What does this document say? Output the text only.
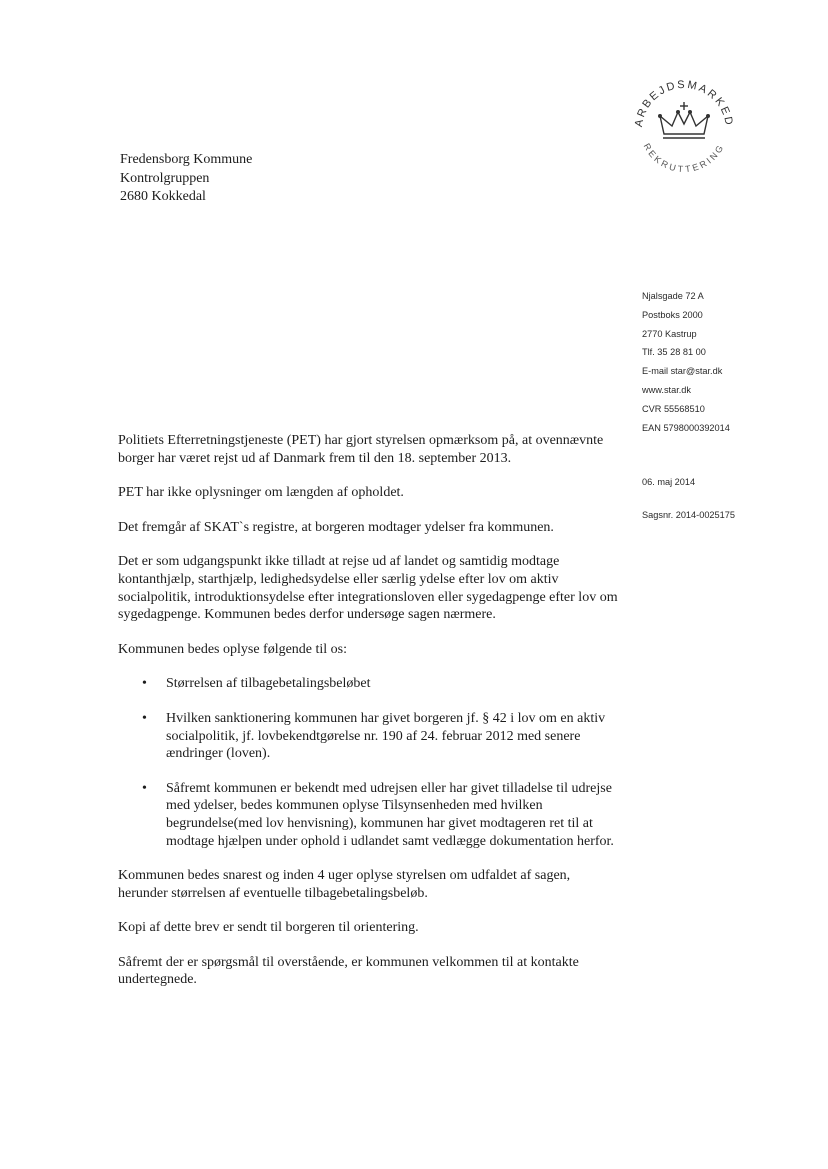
ARBEJDSMARKED
REKRUTTERING
Fredensborg Kommune
Kontrolgruppen
2680 Kokkedal
Njalsgade 72 A
Postboks 2000
2770 Kastrup
Tlf. 35 28 81 00
E-mail star@star.dk
www.star.dk
CVR 55568510
EAN 5798000392014
06. maj 2014
Sagsnr. 2014-0025175

Politiets Efterretningstjeneste (PET) har gjort styrelsen opmærksom på, at ovennævnte borger har været rejst ud af Danmark frem til den 18. september 2013.

PET har ikke oplysninger om længden af opholdet.

Det fremgår af SKAT`s registre, at borgeren modtager ydelser fra kommunen.

Det er som udgangspunkt ikke tilladt at rejse ud af landet og samtidig modtage kontanthjælp, starthjælp, ledighedsydelse eller særlig ydelse efter lov om aktiv socialpolitik, introduktionsydelse efter integrationsloven eller sygedagpenge efter lov om sygedagpenge. Kommunen bedes derfor undersøge sagen nærmere.

Kommunen bedes oplyse følgende til os:

• Størrelsen af tilbagebetalingsbeløbet
• Hvilken sanktionering kommunen har givet borgeren jf. § 42 i lov om en aktiv socialpolitik, jf. lovbekendtgørelse nr. 190 af 24. februar 2012 med senere ændringer (loven).
• Såfremt kommunen er bekendt med udrejsen eller har givet tilladelse til udrejse med ydelser, bedes kommunen oplyse Tilsynsenheden med hvilken begrundelse(med lov henvisning), kommunen har givet modtageren ret til at modtage hjælpen under ophold i udlandet samt vedlægge dokumentation herfor.

Kommunen bedes snarest og inden 4 uger oplyse styrelsen om udfaldet af sagen, herunder størrelsen af eventuelle tilbagebetalingsbeløb.

Kopi af dette brev er sendt til borgeren til orientering.

Såfremt der er spørgsmål til overstående, er kommunen velkommen til at kontakte undertegnede.
